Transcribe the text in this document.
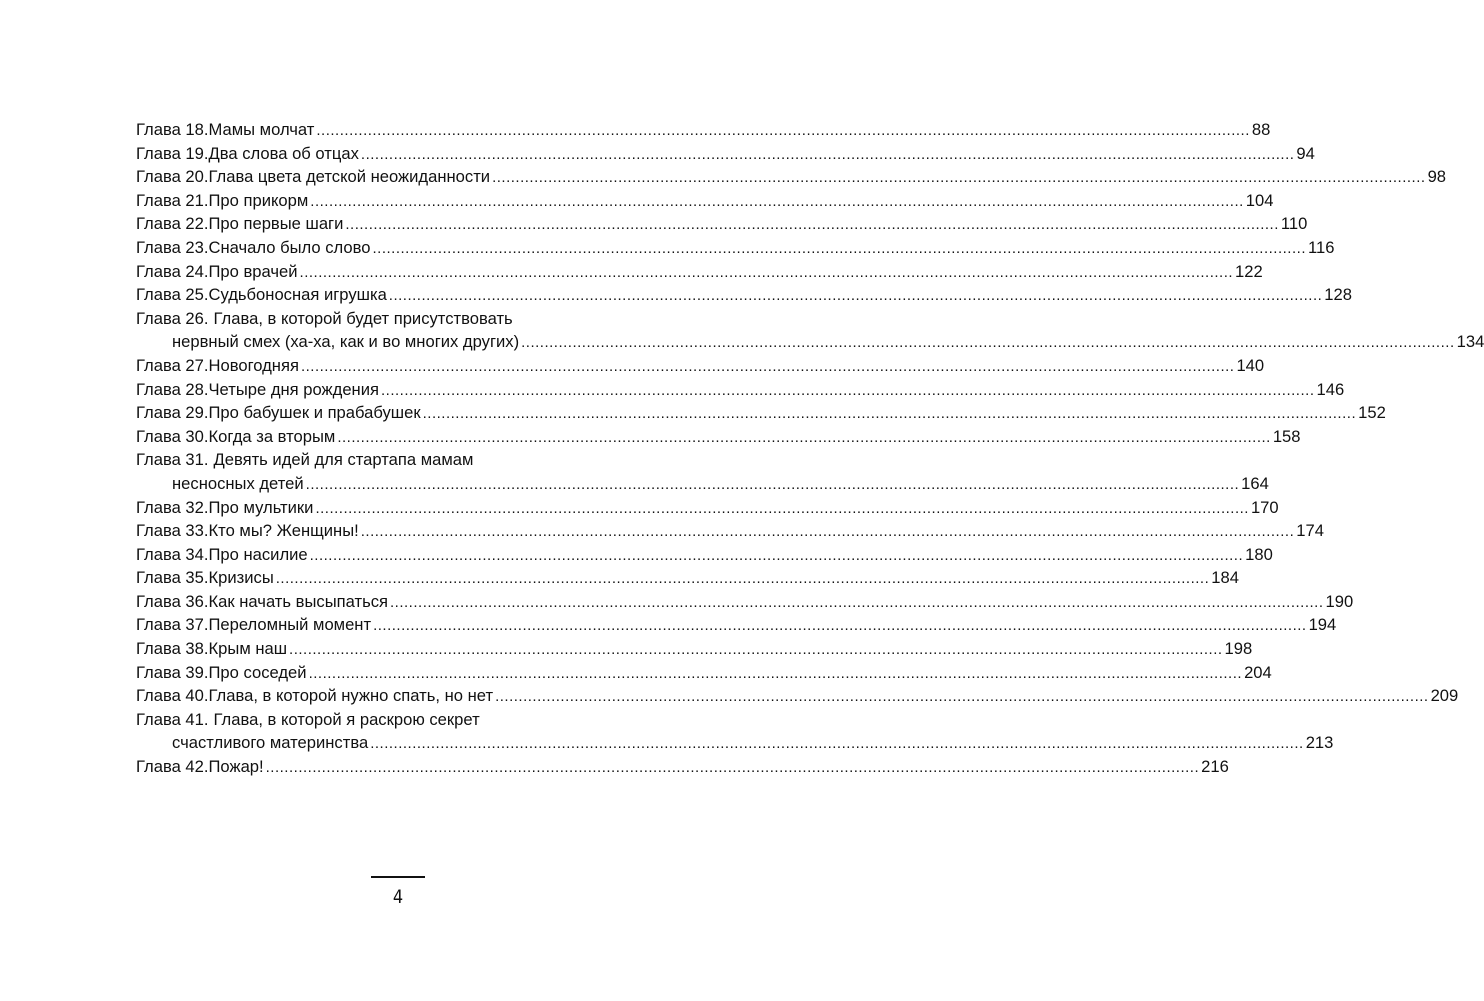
Глава 18. Мамы молчат ........................................................................................................................................................................................................ 88
Глава 19. Два слова об отцах ........................................................................................................................................................................................................ 94
Глава 20. Глава цвета детской неожиданности ........................................................................................................................................................................................................ 98
Глава 21. Про прикорм ........................................................................................................................................................................................................ 104
Глава 22. Про первые шаги ........................................................................................................................................................................................................ 110
Глава 23. Сначало было слово ........................................................................................................................................................................................................ 116
Глава 24. Про врачей ........................................................................................................................................................................................................ 122
Глава 25. Судьбоносная игрушка ........................................................................................................................................................................................................ 128
Глава 26. Глава, в которой будет присутствовать
нервный смех (ха-ха, как и во многих других) ........................................................................................................................................................................................................ 134
Глава 27. Новогодняя ........................................................................................................................................................................................................ 140
Глава 28. Четыре дня рождения ........................................................................................................................................................................................................ 146
Глава 29. Про бабушек и прабабушек ........................................................................................................................................................................................................ 152
Глава 30. Когда за вторым ........................................................................................................................................................................................................ 158
Глава 31. Девять идей для стартапа мамам
несносных детей ........................................................................................................................................................................................................ 164
Глава 32. Про мультики ........................................................................................................................................................................................................ 170
Глава 33. Кто мы? Женщины! ........................................................................................................................................................................................................ 174
Глава 34. Про насилие ........................................................................................................................................................................................................ 180
Глава 35. Кризисы ........................................................................................................................................................................................................ 184
Глава 36. Как начать высыпаться ........................................................................................................................................................................................................ 190
Глава 37. Переломный момент ........................................................................................................................................................................................................ 194
Глава 38. Крым наш ........................................................................................................................................................................................................ 198
Глава 39. Про соседей ........................................................................................................................................................................................................ 204
Глава 40. Глава, в которой нужно спать, но нет ........................................................................................................................................................................................................ 209
Глава 41. Глава, в которой я раскрою секрет
счастливого материнства ........................................................................................................................................................................................................ 213
Глава 42. Пожар! ........................................................................................................................................................................................................ 216
4
